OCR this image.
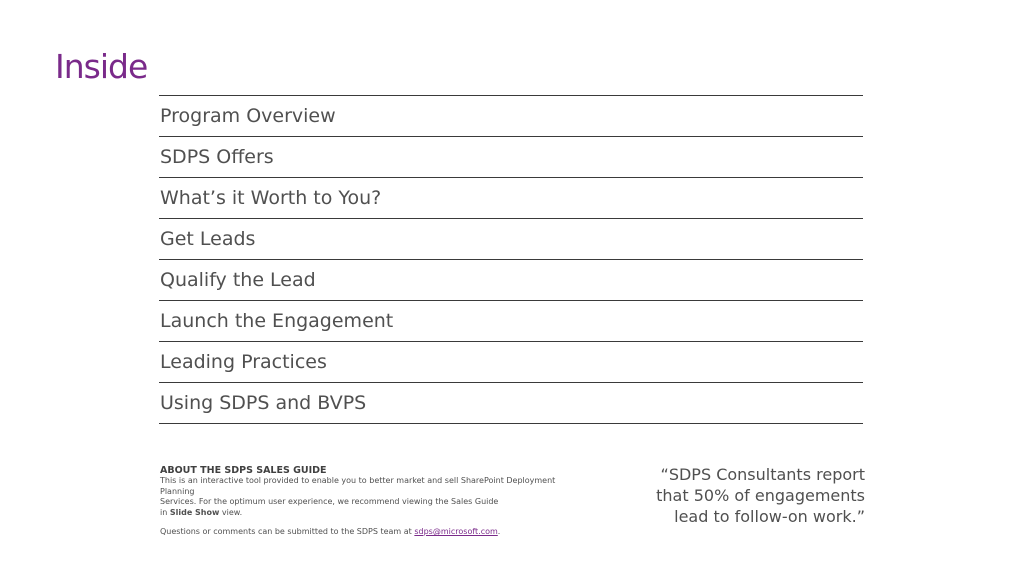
Inside
Program Overview
SDPS Offers
What’s it Worth to You?
Get Leads
Qualify the Lead
Launch the Engagement
Leading Practices
Using SDPS and BVPS
ABOUT THE SDPS SALES GUIDE
This is an interactive tool provided to enable you to better market and sell SharePoint Deployment Planning
Services. For the optimum user experience, we recommend viewing the Sales Guide
in Slide Show view.
Questions or comments can be submitted to the SDPS team at sdps@microsoft.com.
“SDPS Consultants report
that 50% of engagements
lead to follow-on work.”
